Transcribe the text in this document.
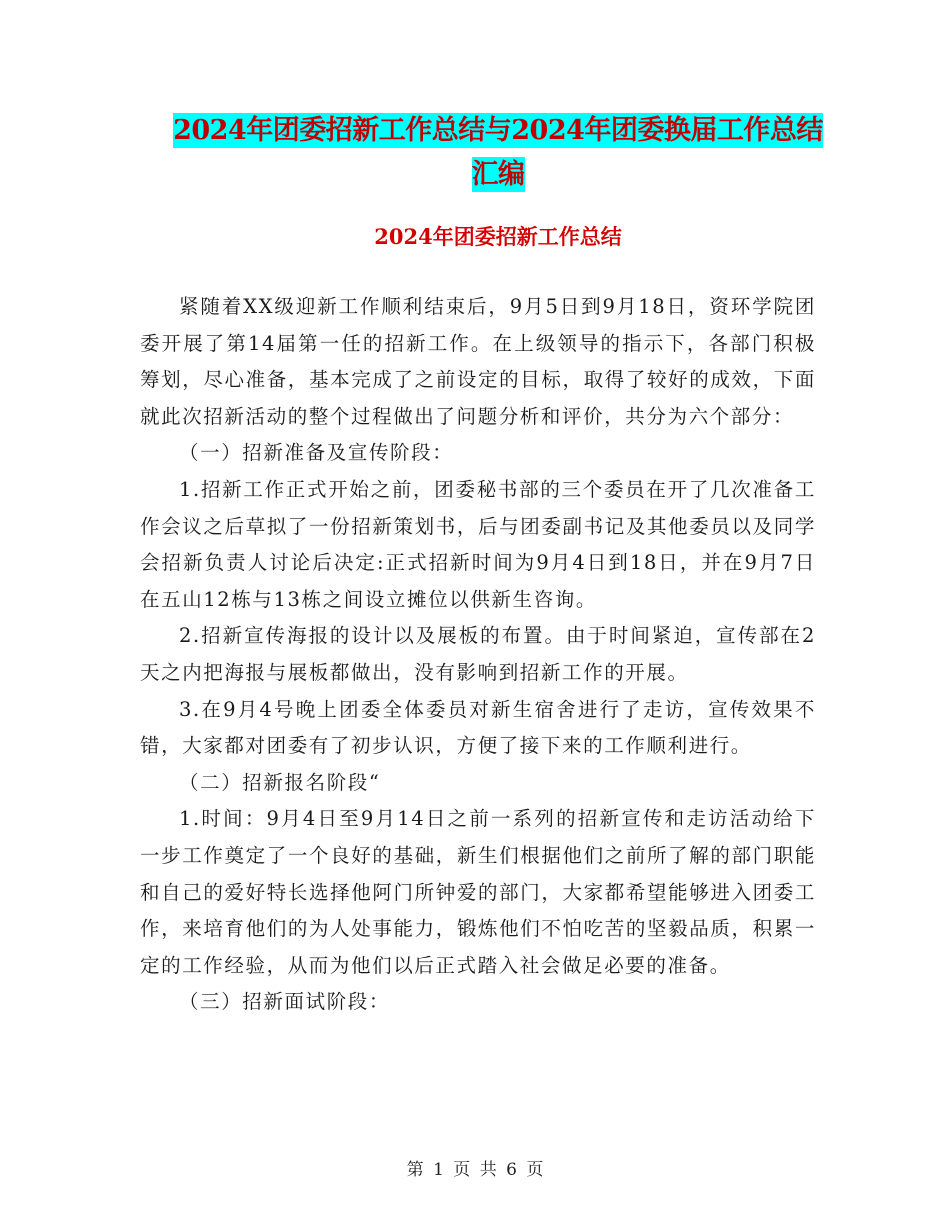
2024年团委招新工作总结与2024年团委换届工作总结
汇编
2024年团委招新工作总结

紧随着XX级迎新工作顺利结束后，9月5日到9月18日，资环学院团委开展了第14届第一任的招新工作。在上级领导的指示下，各部门积极筹划，尽心准备，基本完成了之前设定的目标，取得了较好的成效，下面就此次招新活动的整个过程做出了问题分析和评价，共分为六个部分：

（一）招新准备及宣传阶段：

1.招新工作正式开始之前，团委秘书部的三个委员在开了几次准备工作会议之后草拟了一份招新策划书，后与团委副书记及其他委员以及同学会招新负责人讨论后决定:正式招新时间为9月4日到18日，并在9月7日在五山12栋与13栋之间设立摊位以供新生咨询。

2.招新宣传海报的设计以及展板的布置。由于时间紧迫，宣传部在2天之内把海报与展板都做出，没有影响到招新工作的开展。

3.在9月4号晚上团委全体委员对新生宿舍进行了走访，宣传效果不错，大家都对团委有了初步认识，方便了接下来的工作顺利进行。

（二）招新报名阶段“

1.时间：9月4日至9月14日之前一系列的招新宣传和走访活动给下一步工作奠定了一个良好的基础，新生们根据他们之前所了解的部门职能和自己的爱好特长选择他阿门所钟爱的部门，大家都希望能够进入团委工作，来培育他们的为人处事能力，锻炼他们不怕吃苦的坚毅品质，积累一定的工作经验，从而为他们以后正式踏入社会做足必要的准备。

（三）招新面试阶段：

第 1 页 共 6 页
